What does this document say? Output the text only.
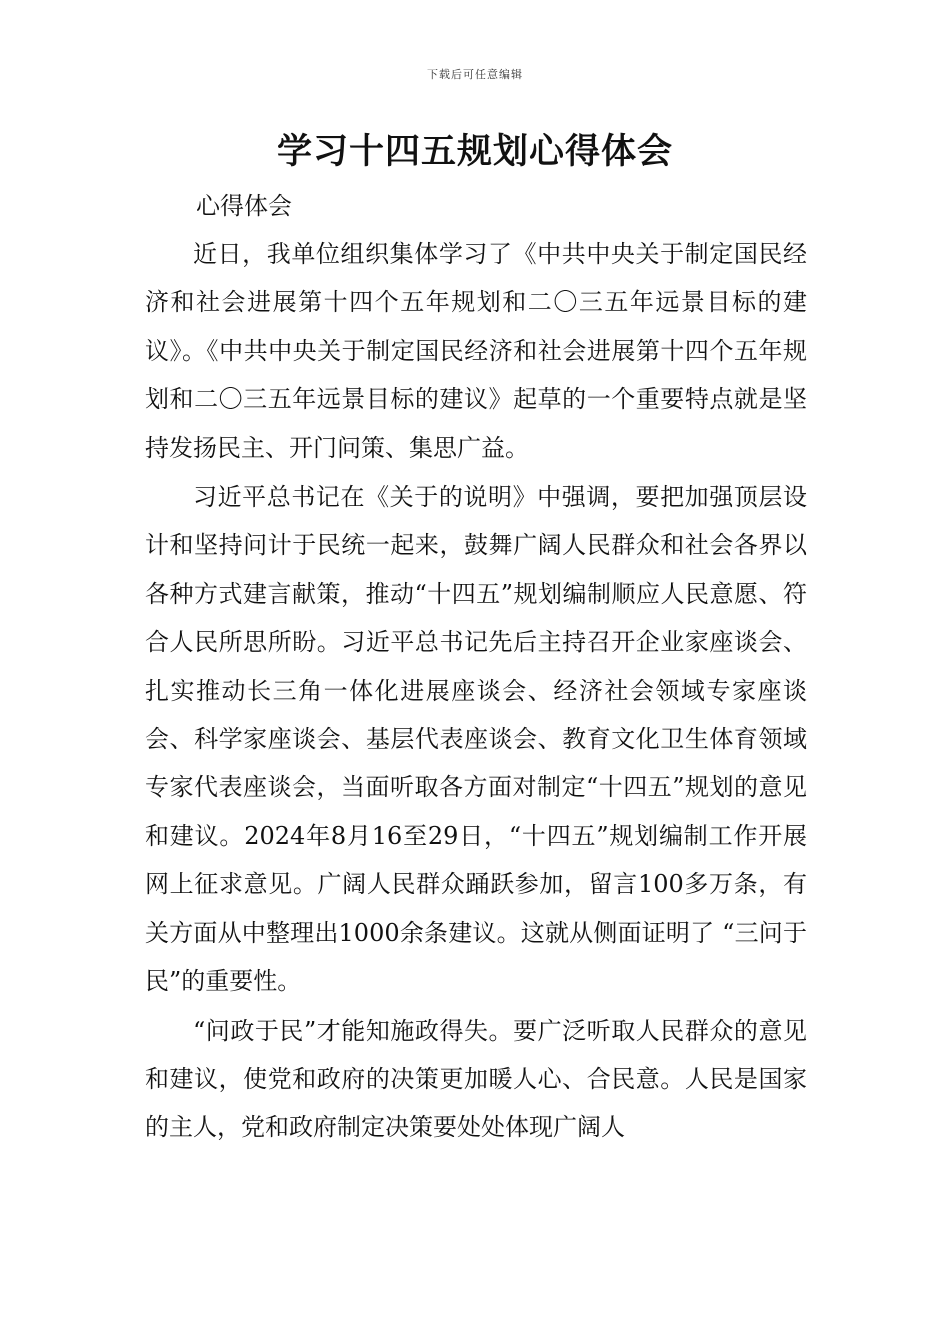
下载后可任意编辑
学习十四五规划心得体会
心得体会

近日，我单位组织集体学习了《中共中央关于制定国民经济和社会进展第十四个五年规划和二〇三五年远景目标的建议》。《中共中央关于制定国民经济和社会进展第十四个五年规划和二〇三五年远景目标的建议》起草的一个重要特点就是坚持发扬民主、开门问策、集思广益。

习近平总书记在《关于的说明》中强调，要把加强顶层设计和坚持问计于民统一起来，鼓舞广阔人民群众和社会各界以各种方式建言献策，推动“十四五”规划编制顺应人民意愿、符合人民所思所盼。习近平总书记先后主持召开企业家座谈会、扎实推动长三角一体化进展座谈会、经济社会领域专家座谈会、科学家座谈会、基层代表座谈会、教育文化卫生体育领域专家代表座谈会，当面听取各方面对制定“十四五”规划的意见和建议。2024年8月16至29日，“十四五”规划编制工作开展网上征求意见。广阔人民群众踊跃参加，留言100多万条，有关方面从中整理出1000余条建议。这就从侧面证明了 “三问于民”的重要性。

“问政于民”才能知施政得失。要广泛听取人民群众的意见和建议，使党和政府的决策更加暖人心、合民意。人民是国家的主人，党和政府制定决策要处处体现广阔人
